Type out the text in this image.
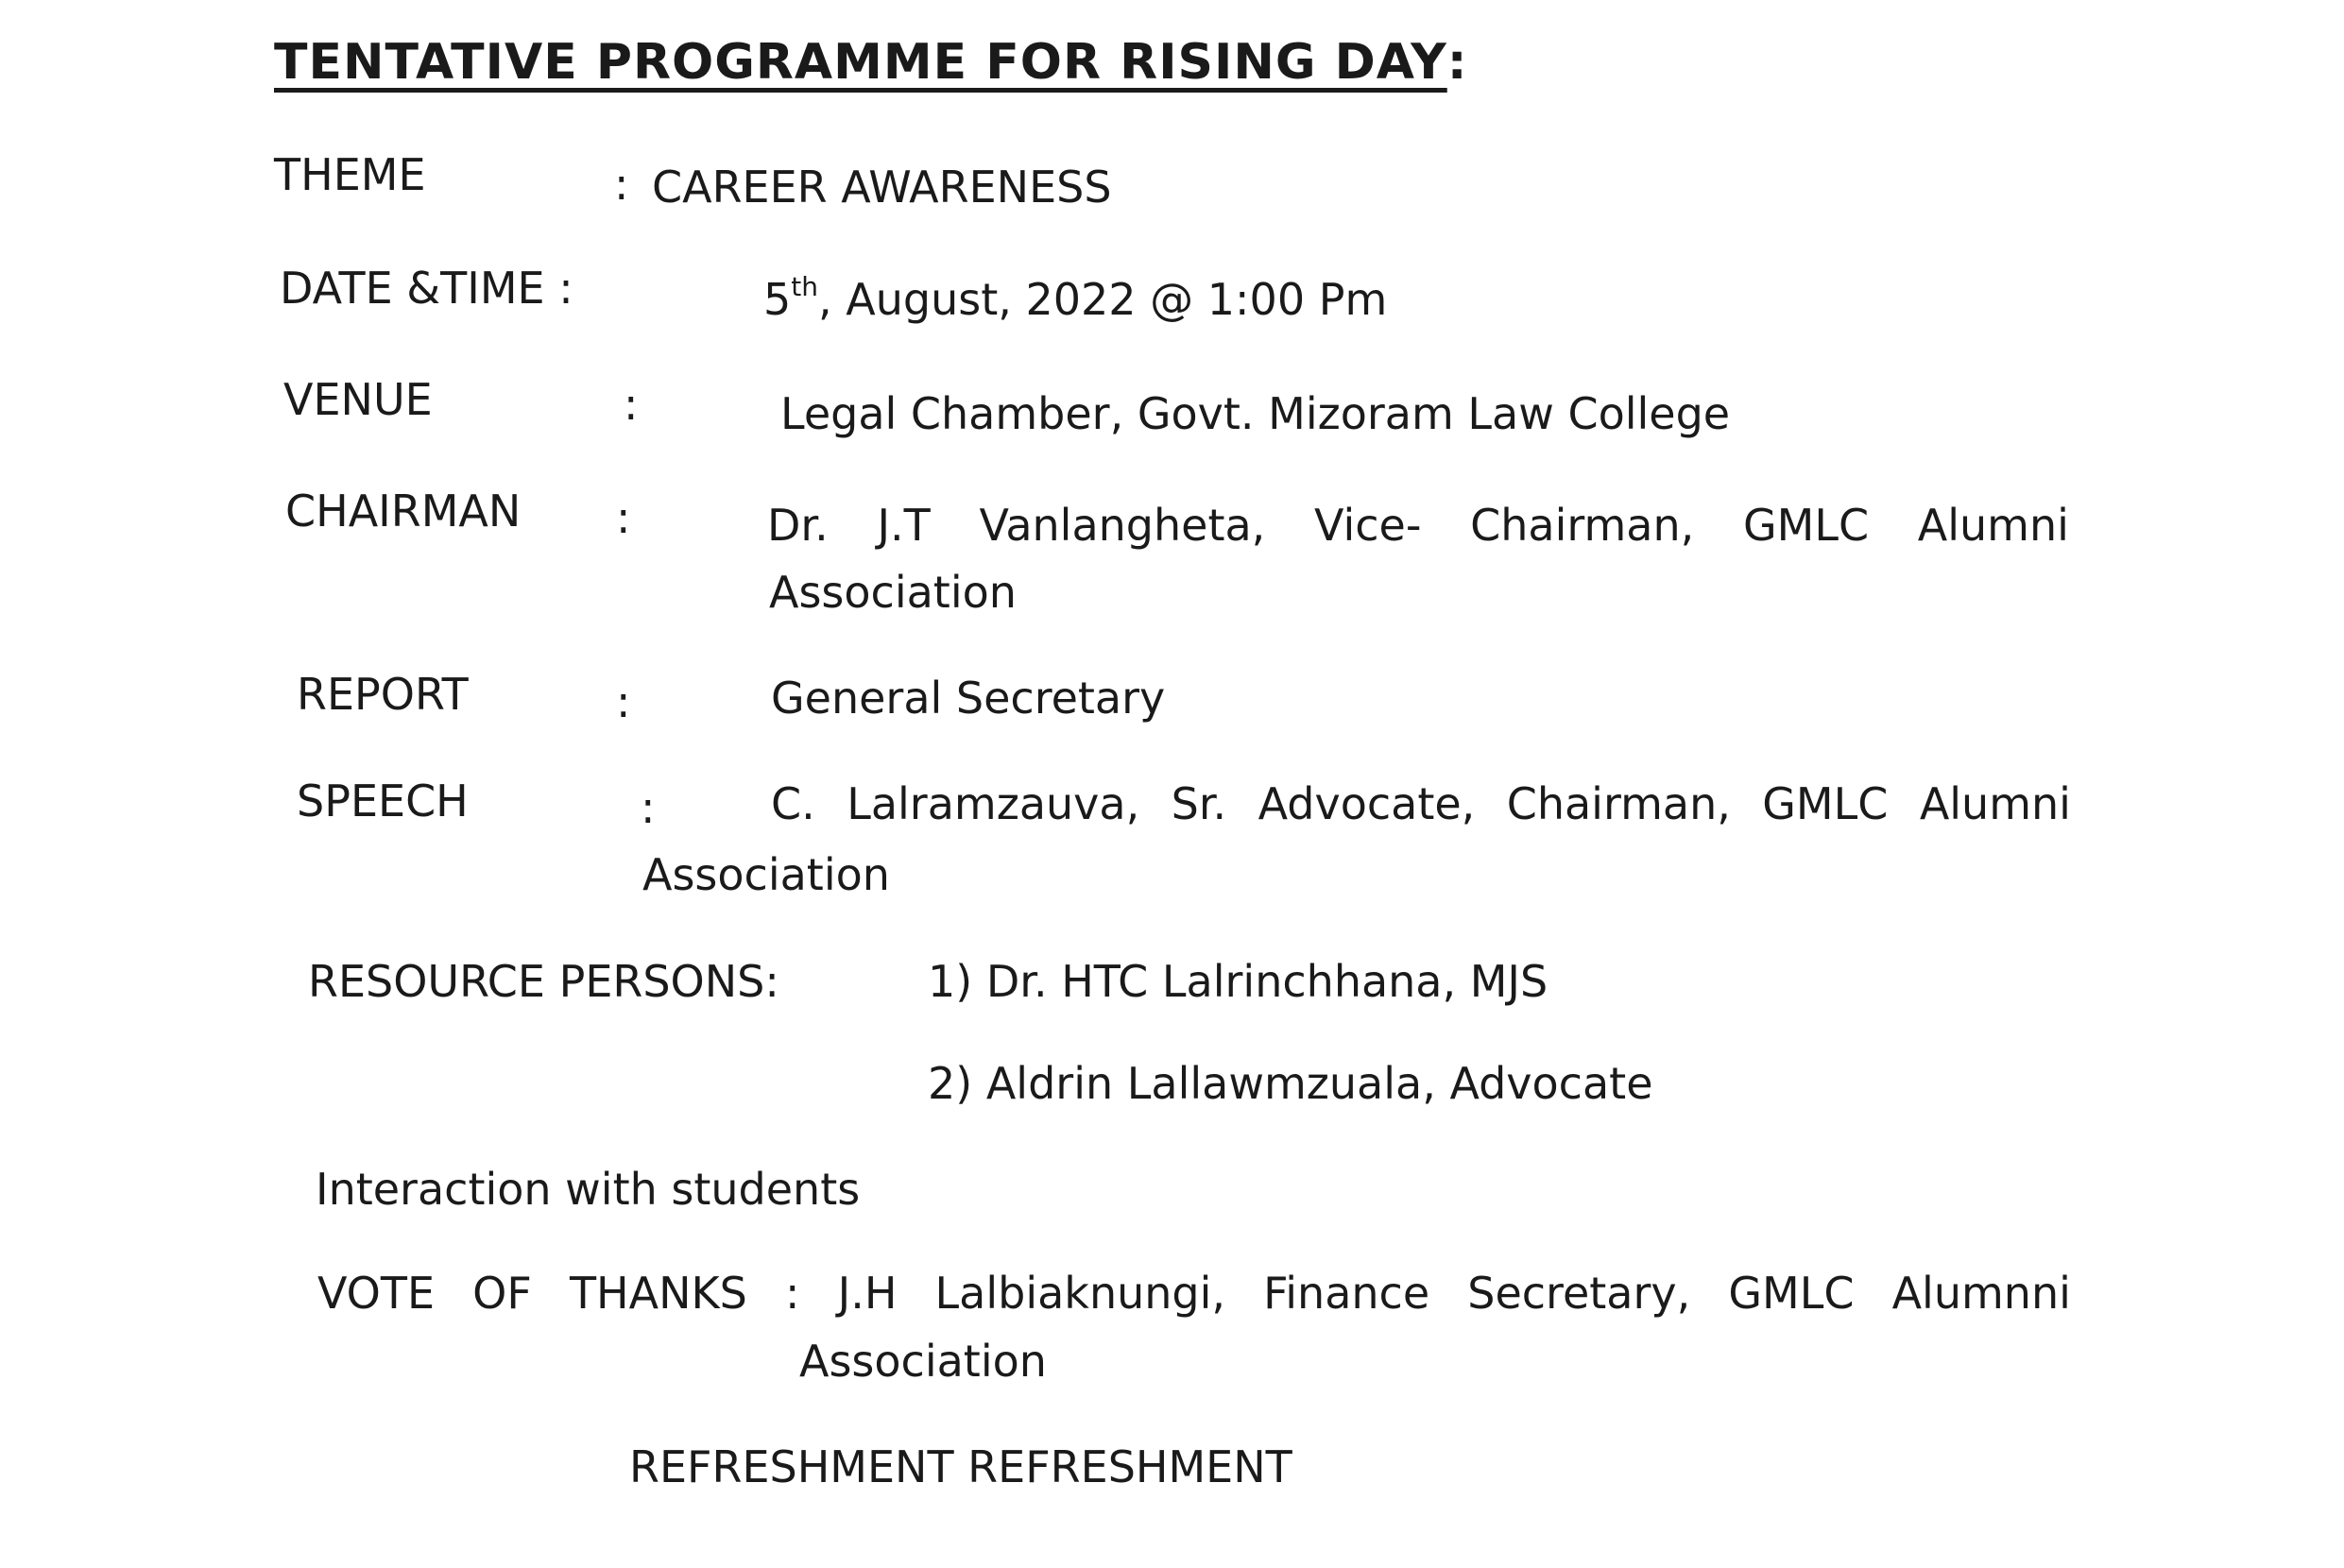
TENTATIVE PROGRAMME FOR RISING DAY:
THEME	: CAREER AWARENESS
DATE &TIME :	5th, August, 2022 @ 1:00 Pm
VENUE	:	Legal Chamber, Govt. Mizoram Law College
CHAIRMAN :	Dr. J.T Vanlangheta, Vice- Chairman, GMLC Alumni
Association
REPORT	:	General Secretary
SPEECH	:	C. Lalramzauva, Sr. Advocate, Chairman, GMLC Alumni
Association
RESOURCE PERSONS:	1) Dr. HTC Lalrinchhana, MJS
2) Aldrin Lallawmzuala, Advocate
Interaction with students
VOTE OF THANKS : J.H Lalbiaknungi, Finance Secretary, GMLC Alumnni
Association
REFRESHMENT REFRESHMENT
